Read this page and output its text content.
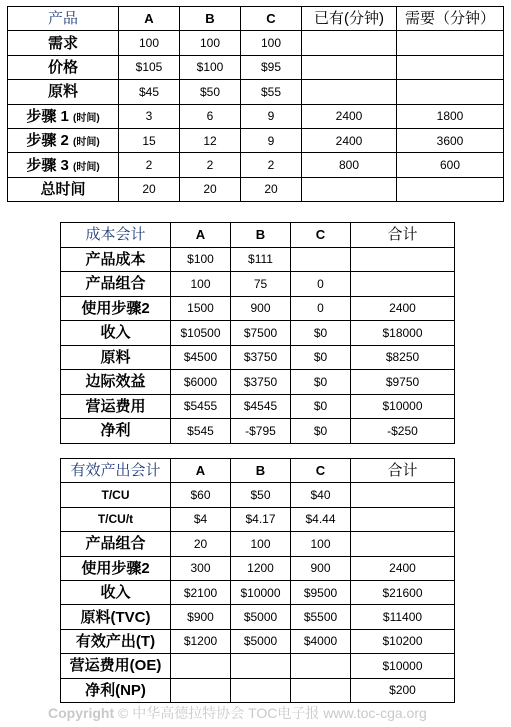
产品	A	B	C	已有(分钟)	需要（分钟）
需求	100	100	100		
价格	$105	$100	$95		
原料	$45	$50	$55		
步骤 1 (时间)	3	6	9	2400	1800
步骤 2 (时间)	15	12	9	2400	3600
步骤 3 (时间)	2	2	2	800	600
总时间	20	20	20		
成本会计	A	B	C	合计
产品成本	$100	$111		
产品组合	100	75	0	
使用步骤2	1500	900	0	2400
收入	$10500	$7500	$0	$18000
原料	$4500	$3750	$0	$8250
边际效益	$6000	$3750	$0	$9750
营运费用	$5455	$4545	$0	$10000
净利	$545	-$795	$0	-$250
有效产出会计	A	B	C	合计
T/CU	$60	$50	$40	
T/CU/t	$4	$4.17	$4.44	
产品组合	20	100	100	
使用步骤2	300	1200	900	2400
收入	$2100	$10000	$9500	$21600
原料(TVC)	$900	$5000	$5500	$11400
有效产出(T)	$1200	$5000	$4000	$10200
营运费用(OE)				$10000
净利(NP)				$200
Copyright © 中华高德拉特协会 TOC电子报 www.toc-cga.org
